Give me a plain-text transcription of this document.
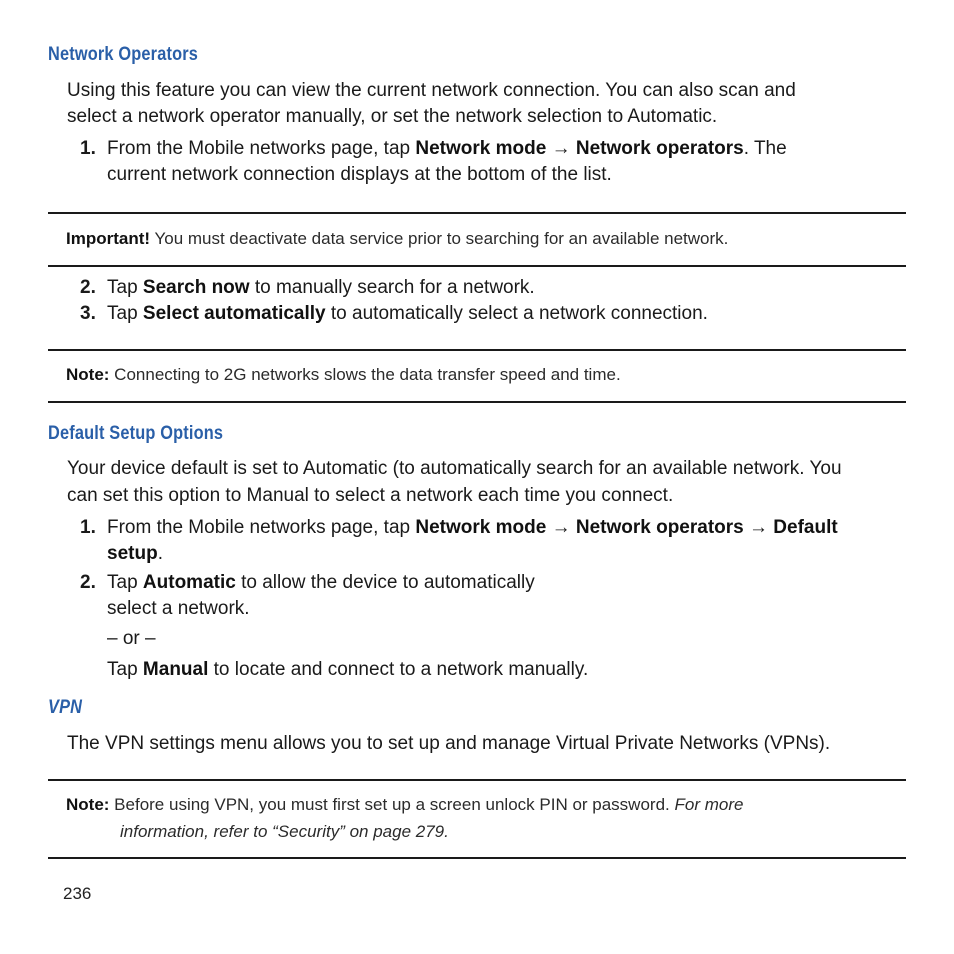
Network Operators
Using this feature you can view the current network connection. You can also scan and
select a network operator manually, or set the network selection to Automatic.
1. From the Mobile networks page, tap Network mode → Network operators. The
current network connection displays at the bottom of the list.
Important! You must deactivate data service prior to searching for an available network.
2. Tap Search now to manually search for a network.
3. Tap Select automatically to automatically select a network connection.
Note: Connecting to 2G networks slows the data transfer speed and time.
Default Setup Options
Your device default is set to Automatic (to automatically search for an available network. You
can set this option to Manual to select a network each time you connect.
1. From the Mobile networks page, tap Network mode → Network operators → Default
setup.
2. Tap Automatic to allow the device to automatically
select a network.
– or –
Tap Manual to locate and connect to a network manually.
VPN
The VPN settings menu allows you to set up and manage Virtual Private Networks (VPNs).
Note: Before using VPN, you must first set up a screen unlock PIN or password. For more
information, refer to “Security” on page 279.
236
